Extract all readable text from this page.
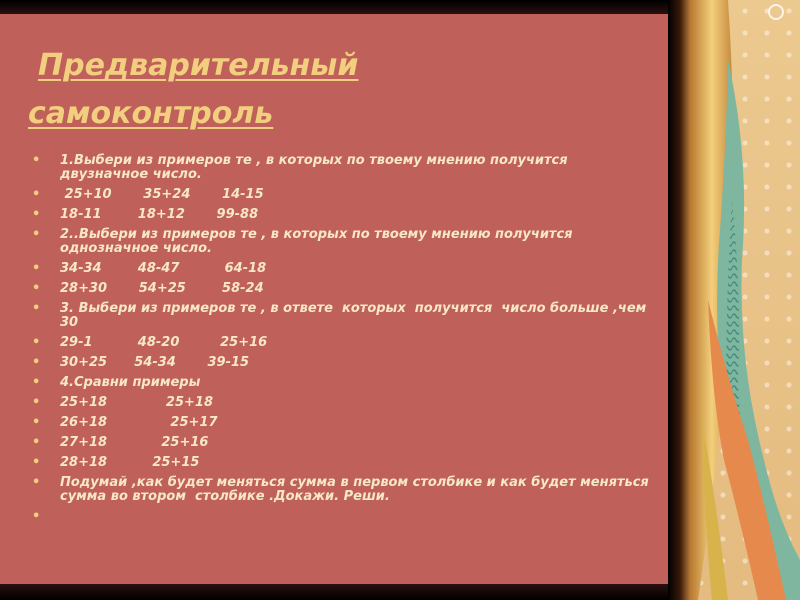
Предварительный
самоконтроль
• 1.Выбери из примеров те , в которых по твоему мнению получится двузначное число.
• 25+10       35+24       14-15
• 18-11        18+12       99-88
• 2..Выбери из примеров те , в которых по твоему мнению получится однозначное число.
• 34-34        48-47          64-18
• 28+30       54+25        58-24
• 3. Выбери из примеров те , в ответе  которых  получится  число больше ,чем 30
• 29-1          48-20         25+16
• 30+25      54-34       39-15
• 4.Сравни примеры
• 25+18             25+18
• 26+18              25+17
• 27+18            25+16
• 28+18          25+15
• Подумай ,как будет меняться сумма в первом столбике и как будет меняться сумма во втором  столбике .Докажи. Реши.
•
